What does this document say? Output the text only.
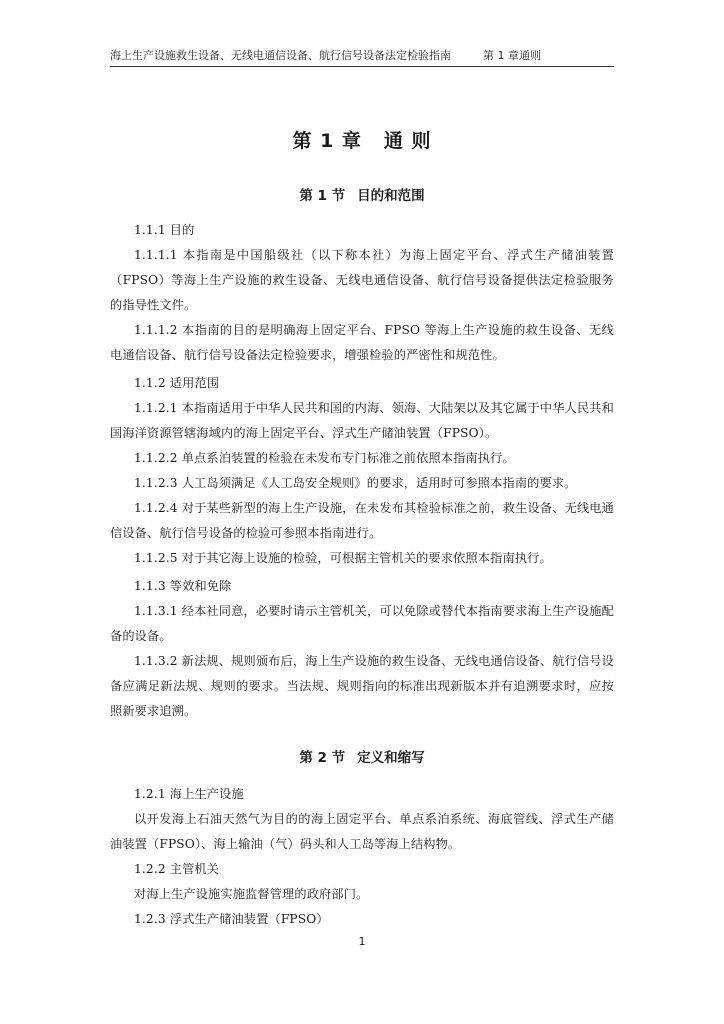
海上生产设施救生设备、无线电通信设备、航行信号设备法定检验指南	第 1 章通则
第 1 章 通 则
第 1 节 目的和范围

1.1.1 目的

1.1.1.1 本指南是中国船级社（以下称本社）为海上固定平台、浮式生产储油装置（FPSO）等海上生产设施的救生设备、无线电通信设备、航行信号设备提供法定检验服务的指导性文件。

1.1.1.2 本指南的目的是明确海上固定平台、FPSO 等海上生产设施的救生设备、无线电通信设备、航行信号设备法定检验要求，增强检验的严密性和规范性。

1.1.2 适用范围

1.1.2.1 本指南适用于中华人民共和国的内海、领海、大陆架以及其它属于中华人民共和国海洋资源管辖海域内的海上固定平台、浮式生产储油装置（FPSO）。

1.1.2.2 单点系泊装置的检验在未发布专门标准之前依照本指南执行。

1.1.2.3 人工岛须满足《人工岛安全规则》的要求，适用时可参照本指南的要求。

1.1.2.4 对于某些新型的海上生产设施，在未发布其检验标准之前，救生设备、无线电通信设备、航行信号设备的检验可参照本指南进行。

1.1.2.5 对于其它海上设施的检验，可根据主管机关的要求依照本指南执行。

1.1.3 等效和免除

1.1.3.1 经本社同意，必要时请示主管机关，可以免除或替代本指南要求海上生产设施配备的设备。

1.1.3.2 新法规、规则颁布后，海上生产设施的救生设备、无线电通信设备、航行信号设备应满足新法规、规则的要求。当法规、规则指向的标准出现新版本并有追溯要求时，应按照新要求追溯。

第 2 节 定义和缩写

1.2.1 海上生产设施

以开发海上石油天然气为目的的海上固定平台、单点系泊系统、海底管线、浮式生产储油装置（FPSO）、海上输油（气）码头和人工岛等海上结构物。

1.2.2 主管机关

对海上生产设施实施监督管理的政府部门。

1.2.3 浮式生产储油装置（FPSO）

1
